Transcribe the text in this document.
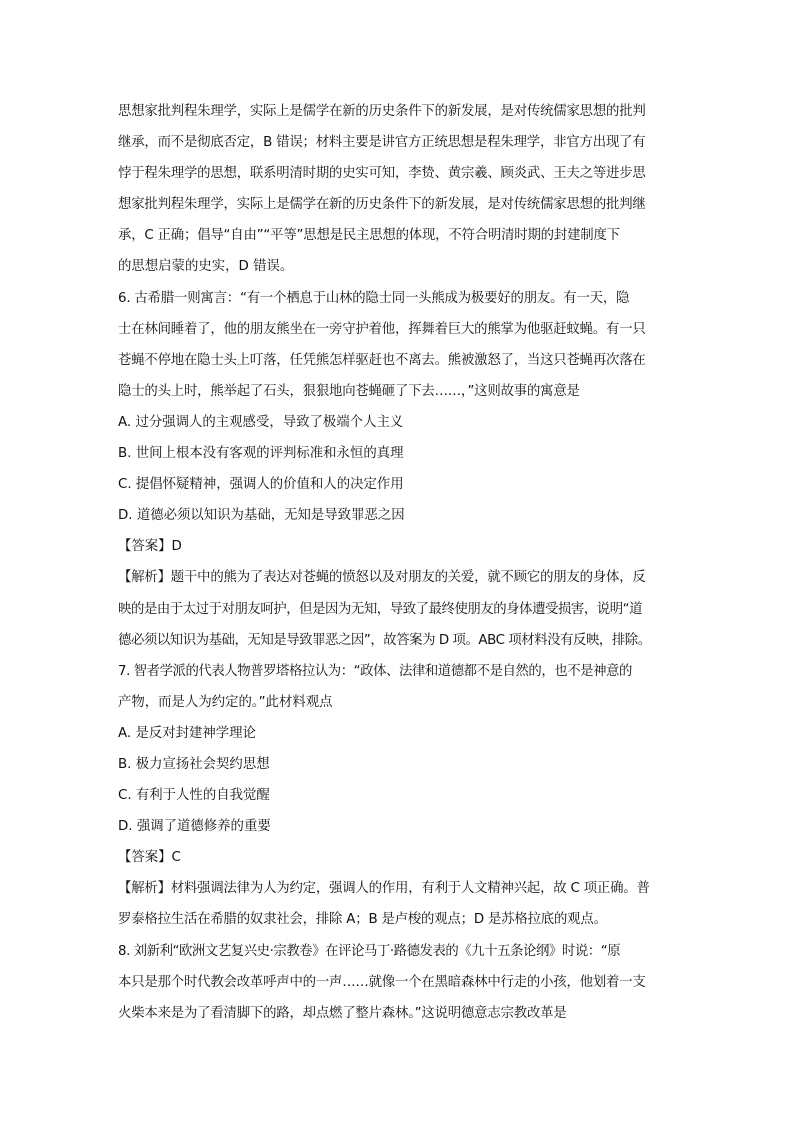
思想家批判程朱理学，实际上是儒学在新的历史条件下的新发展，是对传统儒家思想的批判
继承，而不是彻底否定，B 错误；材料主要是讲官方正统思想是程朱理学，非官方出现了有
悖于程朱理学的思想，联系明清时期的史实可知，李贽、黄宗羲、顾炎武、王夫之等进步思
想家批判程朱理学，实际上是儒学在新的历史条件下的新发展，是对传统儒家思想的批判继
承，C 正确；倡导“自由”“平等”思想是民主思想的体现，不符合明清时期的封建制度下
的思想启蒙的史实，D 错误。
6. 古希腊一则寓言：“有一个栖息于山林的隐士同一头熊成为极要好的朋友。有一天，隐
士在林间睡着了，他的朋友熊坐在一旁守护着他，挥舞着巨大的熊掌为他驱赶蚊蝇。有一只
苍蝇不停地在隐士头上叮落，任凭熊怎样驱赶也不离去。熊被激怒了，当这只苍蝇再次落在
隐士的头上时，熊举起了石头，狠狠地向苍蝇砸了下去……，”这则故事的寓意是
A. 过分强调人的主观感受，导致了极端个人主义
B. 世间上根本没有客观的评判标准和永恒的真理
C. 提倡怀疑精神，强调人的价值和人的决定作用
D. 道德必须以知识为基础，无知是导致罪恶之因
【答案】D
【解析】题干中的熊为了表达对苍蝇的愤怒以及对朋友的关爱，就不顾它的朋友的身体，反
映的是由于太过于对朋友呵护，但是因为无知，导致了最终使朋友的身体遭受损害，说明“道
德必须以知识为基础，无知是导致罪恶之因”，故答案为 D 项。ABC 项材料没有反映，排除。
7. 智者学派的代表人物普罗塔格拉认为：“政体、法律和道德都不是自然的，也不是神意的
产物，而是人为约定的。”此材料观点
A. 是反对封建神学理论
B. 极力宣扬社会契约思想
C. 有利于人性的自我觉醒
D. 强调了道德修养的重要
【答案】C
【解析】材料强调法律为人为约定，强调人的作用，有利于人文精神兴起，故 C 项正确。普
罗泰格拉生活在希腊的奴隶社会，排除 A；B 是卢梭的观点；D 是苏格拉底的观点。
8. 刘新利“欧洲文艺复兴史·宗教卷》在评论马丁·路德发表的《九十五条论纲》时说：“原
本只是那个时代教会改革呼声中的一声……就像一个在黑暗森林中行走的小孩，他划着一支
火柴本来是为了看清脚下的路，却点燃了整片森林。”这说明德意志宗教改革是
